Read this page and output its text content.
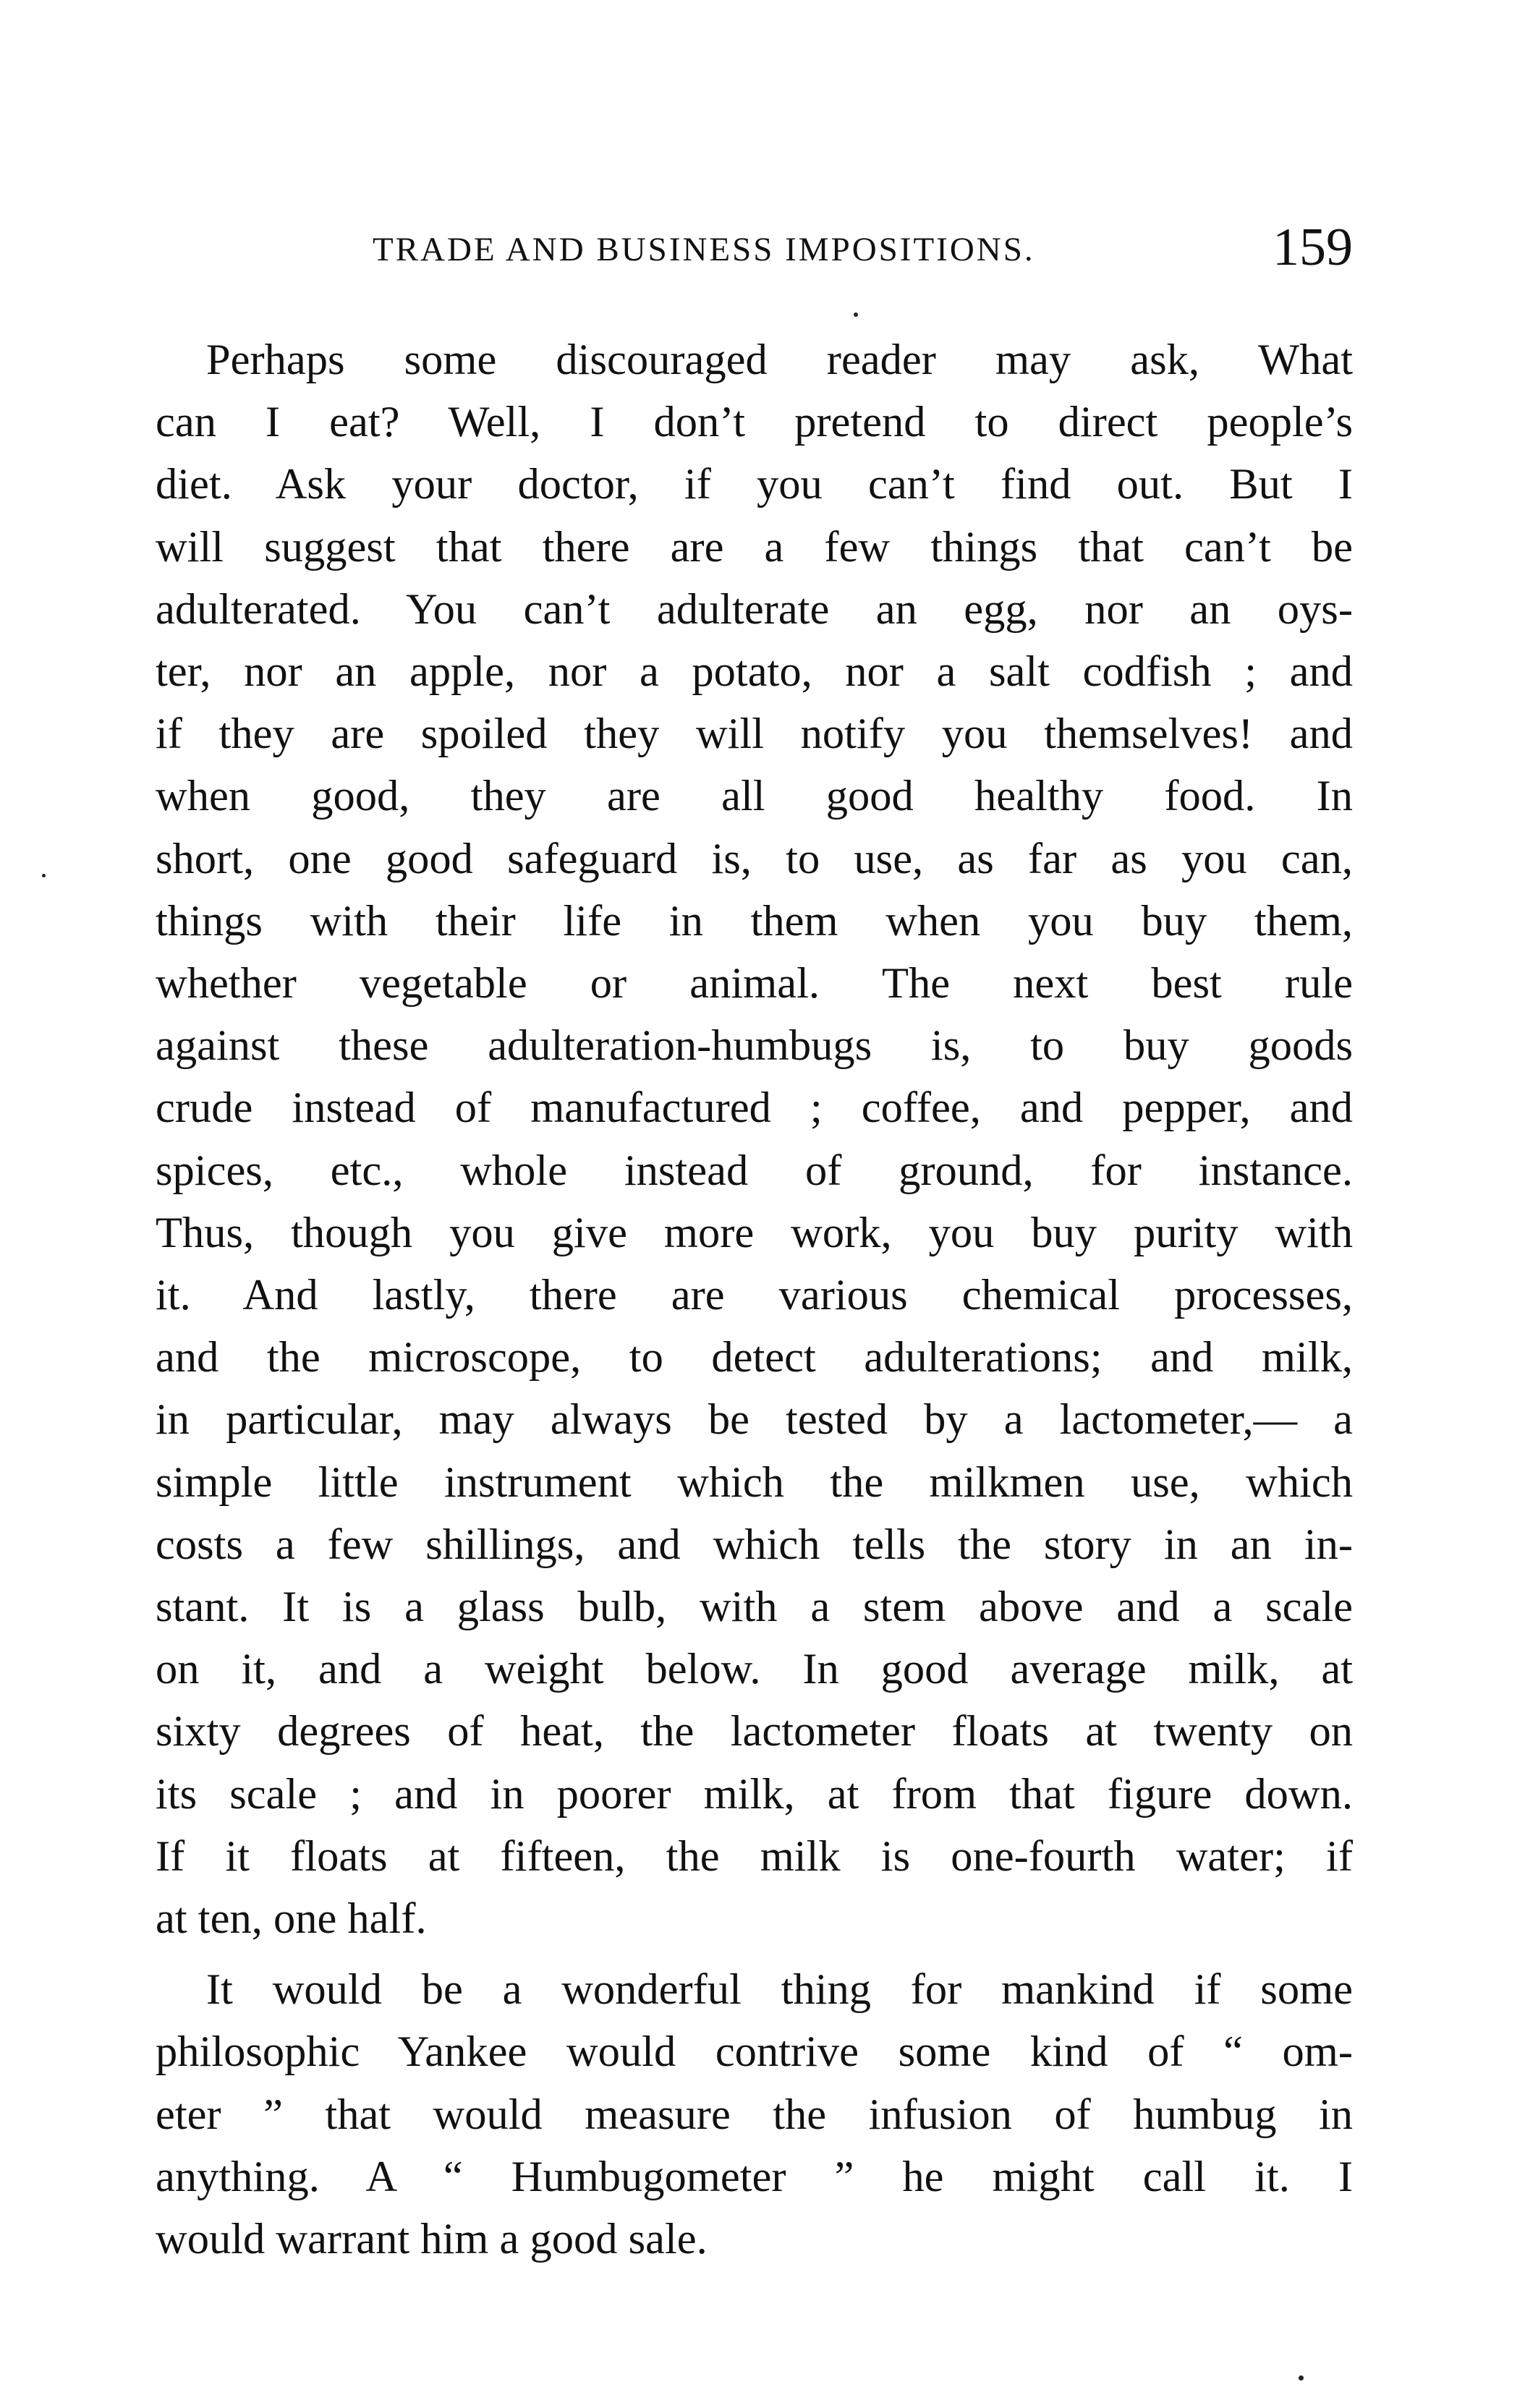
TRADE AND BUSINESS IMPOSITIONS.	159

Perhaps some discouraged reader may ask, What
can I eat? Well, I don’t pretend to direct people’s
diet. Ask your doctor, if you can’t find out. But I
will suggest that there are a few things that can’t be
adulterated. You can’t adulterate an egg, nor an oys-
ter, nor an apple, nor a potato, nor a salt codfish ; and
if they are spoiled they will notify you themselves! and
when good, they are all good healthy food. In
short, one good safeguard is, to use, as far as you can,
things with their life in them when you buy them,
whether vegetable or animal. The next best rule
against these adulteration-humbugs is, to buy goods
crude instead of manufactured ; coffee, and pepper, and
spices, etc., whole instead of ground, for instance.
Thus, though you give more work, you buy purity with
it. And lastly, there are various chemical processes,
and the microscope, to detect adulterations; and milk,
in particular, may always be tested by a lactometer,— a
simple little instrument which the milkmen use, which
costs a few shillings, and which tells the story in an in-
stant. It is a glass bulb, with a stem above and a scale
on it, and a weight below. In good average milk, at
sixty degrees of heat, the lactometer floats at twenty on
its scale ; and in poorer milk, at from that figure down.
If it floats at fifteen, the milk is one-fourth water; if
at ten, one half.

It would be a wonderful thing for mankind if some
philosophic Yankee would contrive some kind of “ om-
eter ” that would measure the infusion of humbug in
anything. A “ Humbugometer ” he might call it. I
would warrant him a good sale.
